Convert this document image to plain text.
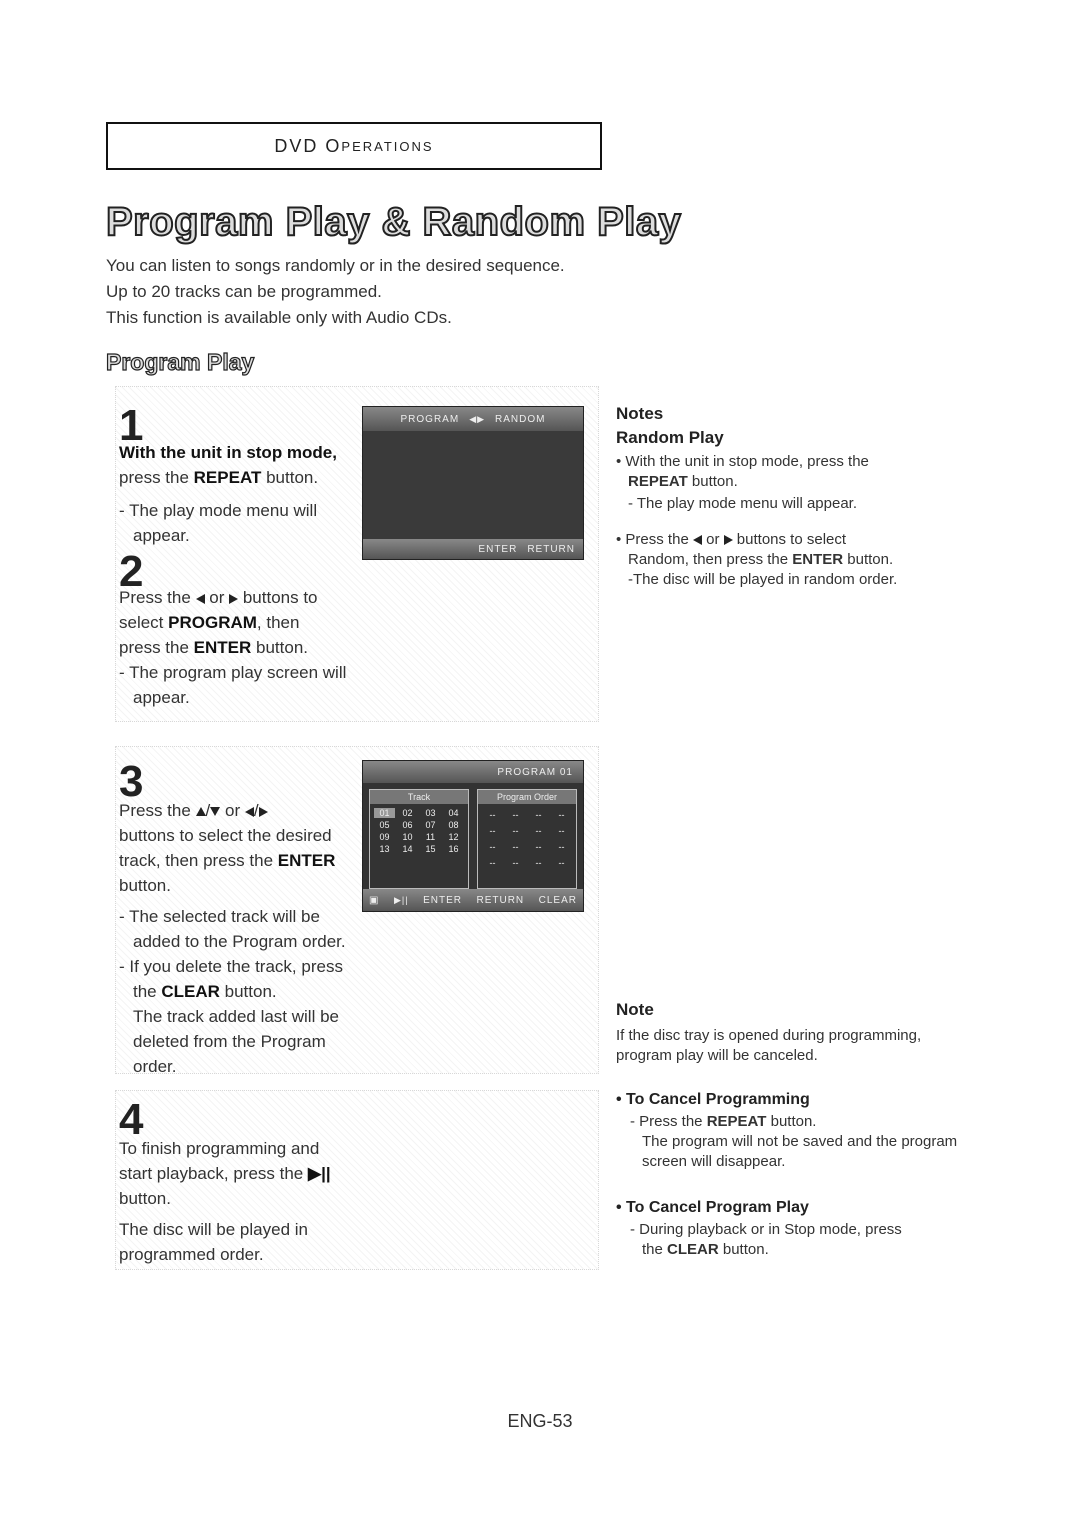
DVD O PERATIONS
Program Play & Random Play
You can listen to songs randomly or in the desired sequence.
Up to 20 tracks can be programmed.
This function is available only with Audio CDs.
Program Play
1
With the unit in stop mode,
press the REPEAT button.
- The play mode menu will appear.
PROGRAM ◀▶ RANDOM
ENTER RETURN
2
Press the  or  buttons to
select PROGRAM, then
press the ENTER button.
- The program play screen will appear.
3
Press the / or /
buttons to select the desired
track, then press the ENTER
button.
- The selected track will be added to the Program order.
- If you delete the track, press the CLEAR button.
The track added last will be deleted from the Program order.
PROGRAM 01
Track
01	02	03	04
05	06	07	08
09	10	11	12
13	14	15	16
Program Order
--	--	--	--
--	--	--	--
--	--	--	--
--	--	--	--
▣ ▶|| ENTER RETURN CLEAR
4
To finish programming and
start playback, press the ▶||
button.
The disc will be played in programmed order.
Notes
Random Play
• With the unit in stop mode, press the
REPEAT button.
- The play mode menu will appear.
• Press the  or  buttons to select
Random, then press the ENTER button.
-The disc will be played in random order.
Note
If the disc tray is opened during programming, program play will be canceled.
• To Cancel Programming
- Press the REPEAT button.
The program will not be saved and the program screen will disappear.
• To Cancel Program Play
- During playback or in Stop mode, press
the CLEAR button.
ENG-53
